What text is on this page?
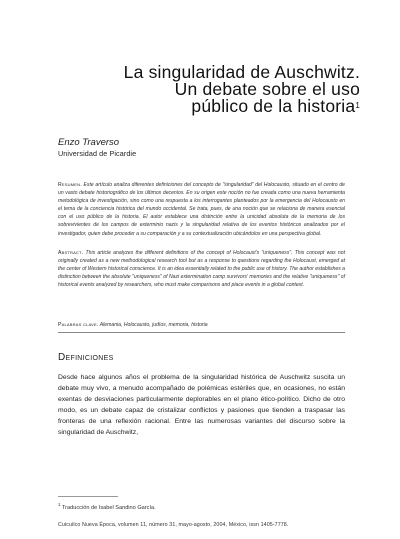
La singularidad de Auschwitz.
Un debate sobre el uso
público de la historia$^1$
Enzo Traverso
Universidad de Picardie
Resumen. Este artículo analiza diferentes definiciones del concepto de "singularidad" del Holocausto, situado en el centro de un vasto debate historiográfico de los últimos decenios. En su origen este noción no fue creada como una nueva herramienta metodológica de investigación, sino como una respuesta a los interrogantes planteados por la emergencia del Holocausto en el tema de la conciencia histórica del mundo occidental. Se trata, pues, de una noción que se relaciona de manera esencial con el uso público de la historia. El autor establece una distinción entre la unicidad absoluta de la memoria de los sobrevivientes de los campos de exterminio nazis y la singularidad relativa de los eventos históricos analizados por el investigador, quien debe proceder a su comparación y a su contextualización ubicándolos en una perspectiva global.
Abstract. This article analyzes the different definitions of the concept of Holocaust's "uniqueness". This concept was not originally created as a new methodological research tool but as a response to questions regarding the Holocaust, emerged at the center of Western historical conscience. It is an idea essentially related to the public use of history. The author establishes a distinction between the absolute "uniqueness" of Nazi extermination camp survivors' memories and the relative "uniqueness" of historical events analyzed by researchers, who must make comparisons and place events in a global context.
Palabras clave. Alemania, Holocausto, judíos, memoria, historia
Definiciones
Desde hace algunos años el problema de la singularidad histórica de Auschwitz suscita un debate muy vivo, a menudo acompañado de polémicas estériles que, en ocasiones, no están exentas de desviaciones particularmente deplorables en el plano ético-político. Dicho de otro modo, es un debate capaz de cristalizar conflictos y pasiones que tienden a traspasar las fronteras de una reflexión racional. Entre las numerosas variantes del discurso sobre la singularidad de Auschwitz,
$^1$ Traducción de Isabel Sandino García.
Cuicuilco Nueva Época, volumen 11, número 31, mayo-agosto, 2004, México, issn 1405-7778.
